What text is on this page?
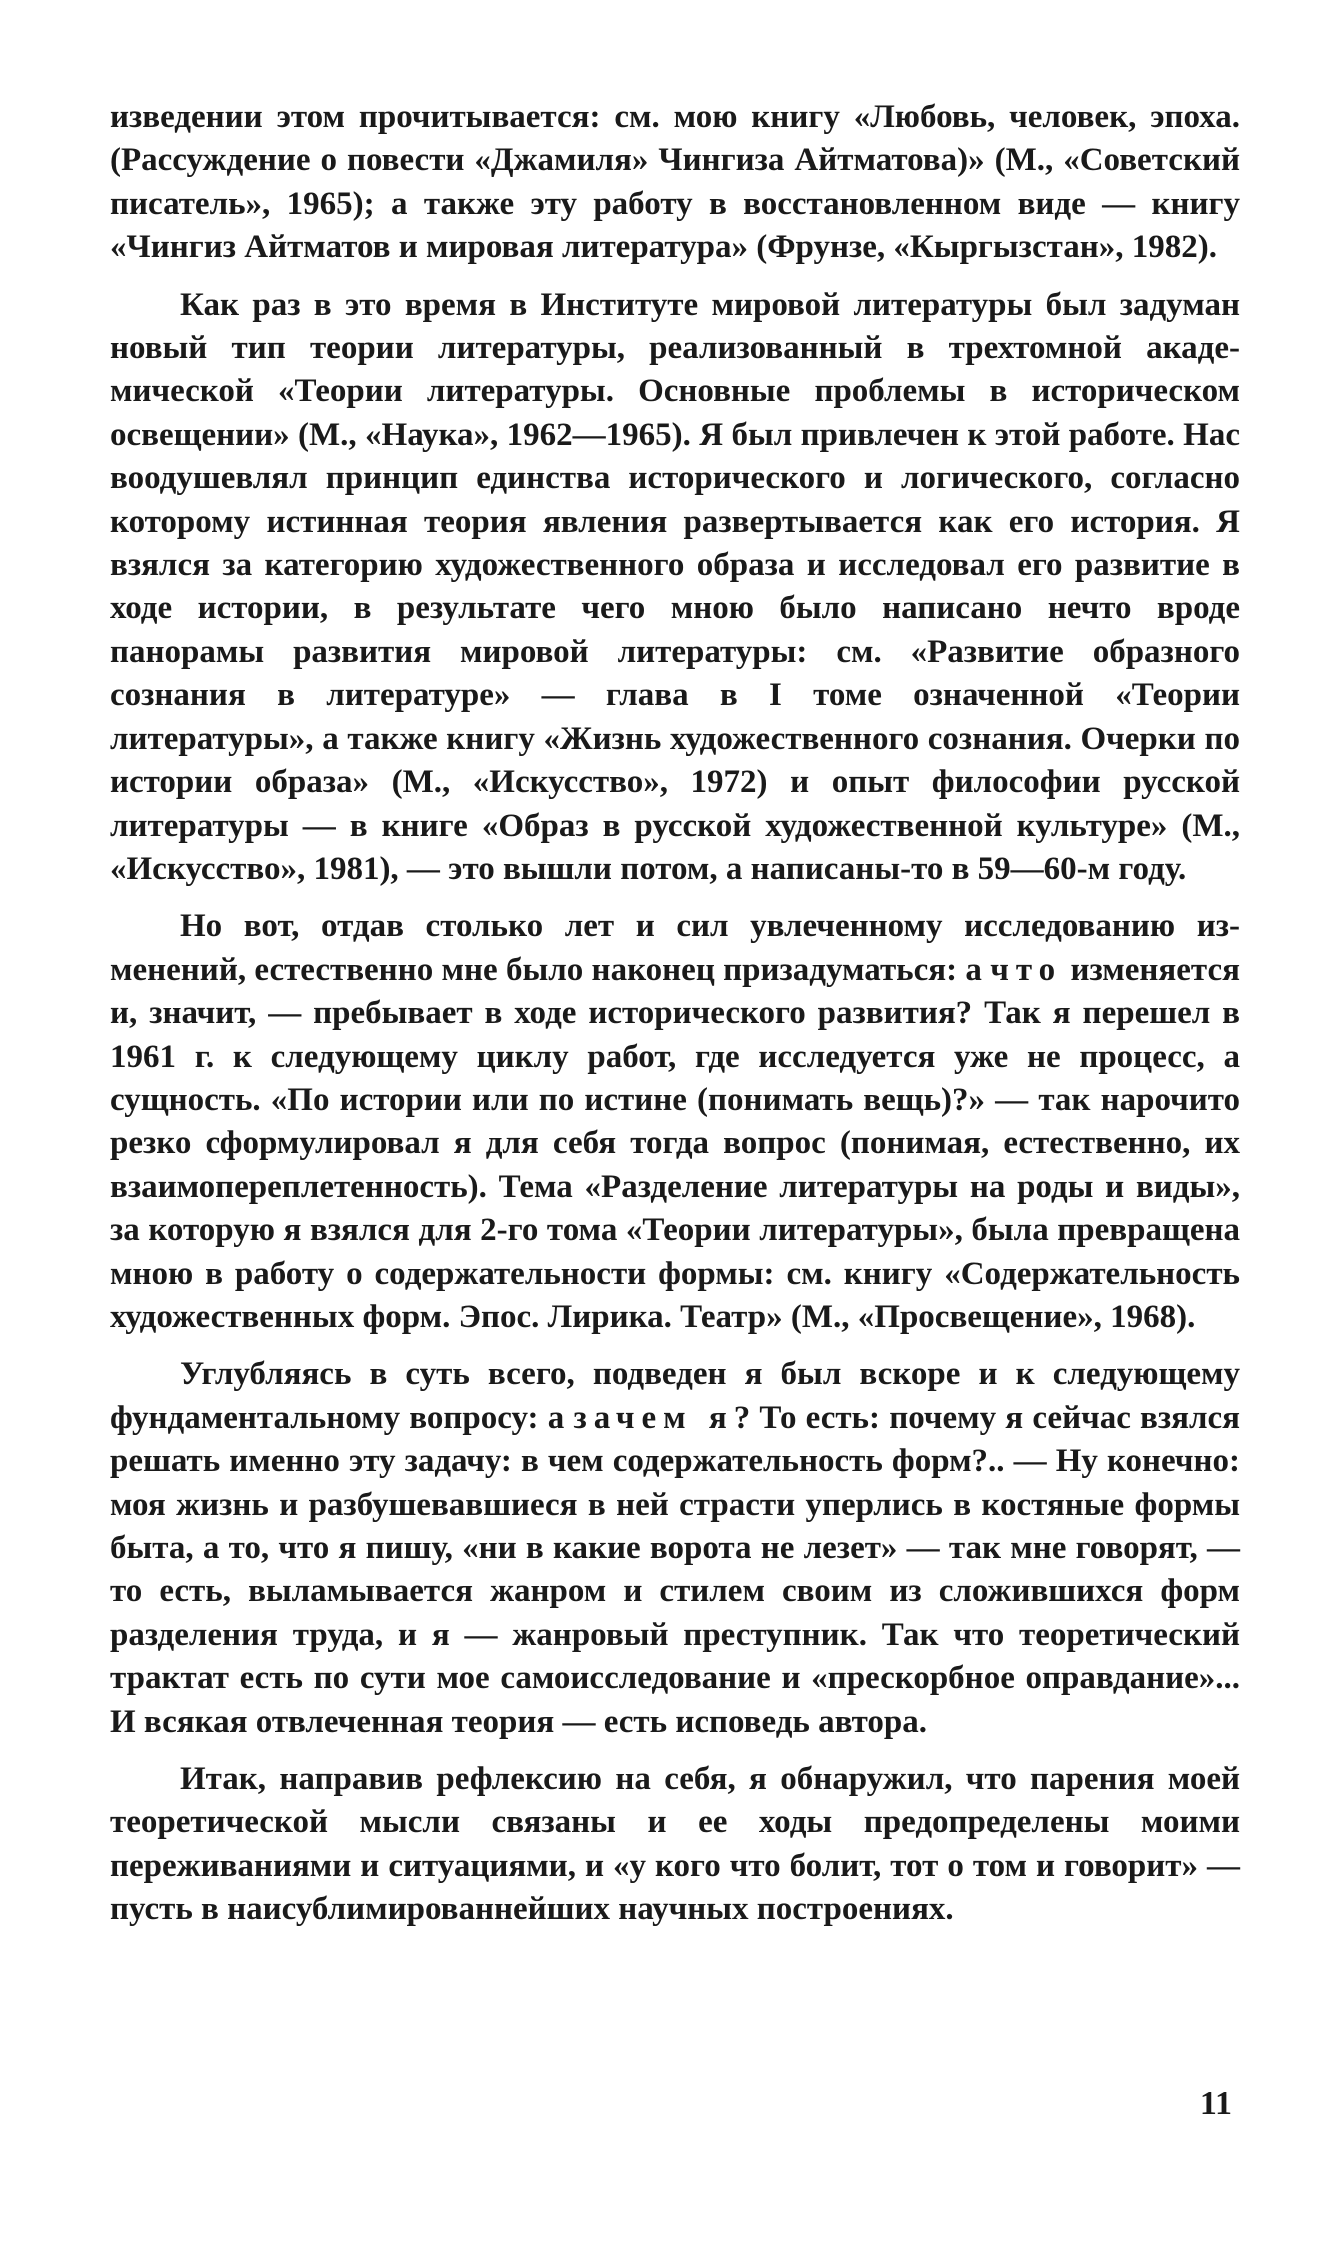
изведении этом прочитывается: см. мою книгу «Любовь, человек, эпоха. (Рассуждение о повести «Джамиля» Чингиза Айтматова)» (М., «Советский писатель», 1965); а также эту работу в восстановленном виде — книгу «Чингиз Айтматов и мировая литература» (Фрунзе, «Кыргызстан», 1982).

Как раз в это время в Институте мировой литературы был задуман новый тип теории литературы, реализованный в трехтомной академической «Теории литературы. Основные проблемы в историческом освещении» (М., «Наука», 1962—1965). Я был привлечен к этой работе. Нас воодушевлял принцип единства исторического и логического, согласно которому истинная теория явления развертывается как его история. Я взялся за категорию художественного образа и исследовал его развитие в ходе истории, в результате чего мною было написано нечто вроде панорамы развития мировой литературы: см. «Развитие образного сознания в литературе» — глава в I томе означенной «Теории литературы», а также книгу «Жизнь художественного сознания. Очерки по истории образа» (М., «Искусство», 1972) и опыт философии русской литературы — в книге «Образ в русской художественной культуре» (М., «Искусство», 1981), — это вышли потом, а написаны-то в 59—60-м году.

Но вот, отдав столько лет и сил увлеченному исследованию изменений, естественно мне было наконец призадуматься: а что изменяется и, значит, — пребывает в ходе исторического развития? Так я перешел в 1961 г. к следующему циклу работ, где исследуется уже не процесс, а сущность. «По истории или по истине (понимать вещь)?» — так нарочито резко сформулировал я для себя тогда вопрос (понимая, естественно, их взаимопереплетенность). Тема «Разделение литературы на роды и виды», за которую я взялся для 2-го тома «Теории литературы», была превращена мною в работу о содержательности формы: см. книгу «Содержательность художественных форм. Эпос. Лирика. Театр» (М., «Просвещение», 1968).

Углубляясь в суть всего, подведен я был вскоре и к следующему фундаментальному вопросу: а зачем я? То есть: почему я сейчас взялся решать именно эту задачу: в чем содержательность форм?.. — Ну конечно: моя жизнь и разбушевавшиеся в ней страсти уперлись в костяные формы быта, а то, что я пишу, «ни в какие ворота не лезет» — так мне говорят, — то есть, выламывается жанром и стилем своим из сложившихся форм разделения труда, и я — жанровый преступник. Так что теоретический трактат есть по сути мое самоисследование и «прескорбное оправдание»... И всякая отвлеченная теория — есть исповедь автора.

Итак, направив рефлексию на себя, я обнаружил, что парения моей теоретической мысли связаны и ее ходы предопределены моими переживаниями и ситуациями, и «у кого что болит, тот о том и говорит» — пусть в наисублимированнейших научных построениях.

11
